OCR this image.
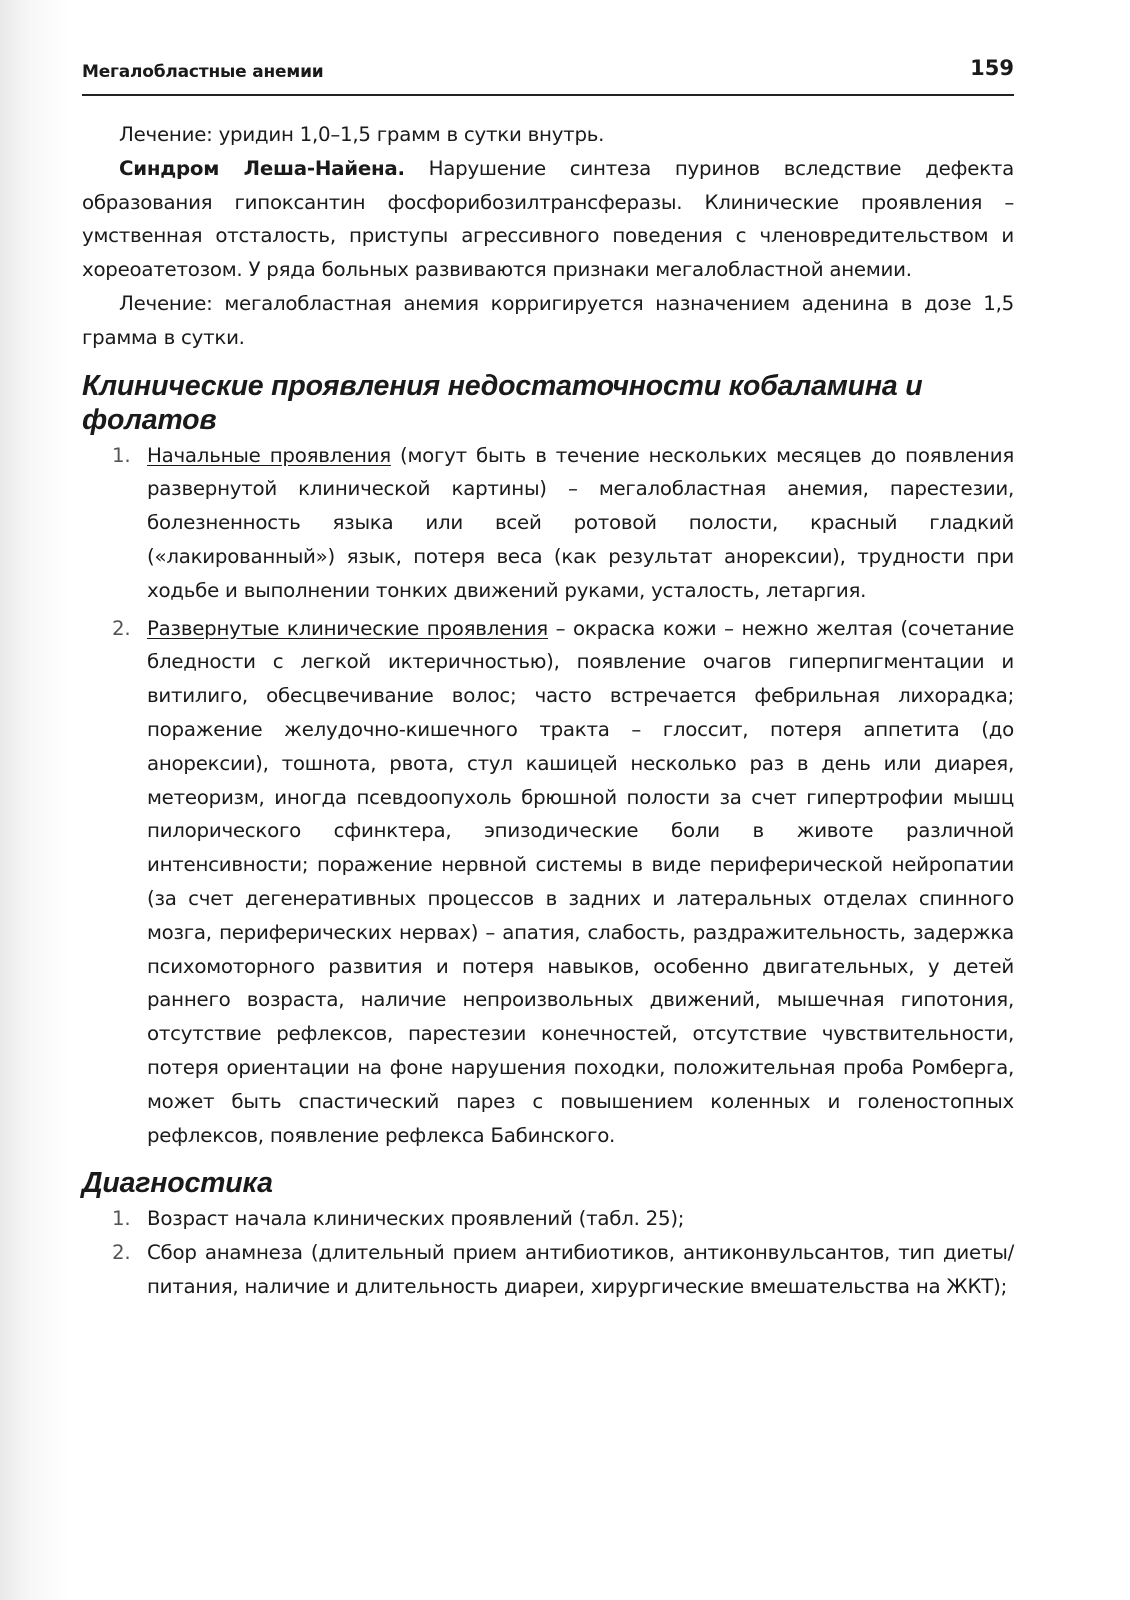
Мегалобластные анемии	159

Лечение: уридин 1,0–1,5 грамм в сутки внутрь.

Синдром Леша-Найена. Нарушение синтеза пуринов вследствие дефекта образования гипоксантин фосфорибозилтрансферазы. Клинические проявления – умственная отсталость, приступы агрессивного поведения с членовредительством и хореоатетозом. У ряда больных развиваются признаки мегалобластной анемии.

Лечение: мегалобластная анемия корригируется назначением аденина в дозе 1,5 грамма в сутки.

Клинические проявления недостаточности кобаламина и фолатов
1. Начальные проявления (могут быть в течение нескольких месяцев до появления развернутой клинической картины) – мегалобластная анемия, парестезии, болезненность языка или всей ротовой полости, красный гладкий («лакированный») язык, потеря веса (как результат анорексии), трудности при ходьбе и выполнении тонких движений руками, усталость, летаргия.
2. Развернутые клинические проявления – окраска кожи – нежно желтая (сочетание бледности с легкой иктеричностью), появление очагов гиперпигментации и витилиго, обесцвечивание волос; часто встречается фебрильная лихорадка; поражение желудочно-кишечного тракта – глоссит, потеря аппетита (до анорексии), тошнота, рвота, стул кашицей несколько раз в день или диарея, метеоризм, иногда псевдоопухоль брюшной полости за счет гипертрофии мышц пилорического сфинктера, эпизодические боли в животе различной интенсивности; поражение нервной системы в виде периферической нейропатии (за счет дегенеративных процессов в задних и латеральных отделах спинного мозга, периферических нервах) – апатия, слабость, раздражительность, задержка психомоторного развития и потеря навыков, особенно двигательных, у детей раннего возраста, наличие непроизвольных движений, мышечная гипотония, отсутствие рефлексов, парестезии конечностей, отсутствие чувствительности, потеря ориентации на фоне нарушения походки, положительная проба Ромберга, может быть спастический парез с повышением коленных и голеностопных рефлексов, появление рефлекса Бабинского.
Диагностика
1. Возраст начала клинических проявлений (табл. 25);
2. Сбор анамнеза (длительный прием антибиотиков, антиконвульсантов, тип диеты/питания, наличие и длительность диареи, хирургические вмешательства на ЖКТ);
